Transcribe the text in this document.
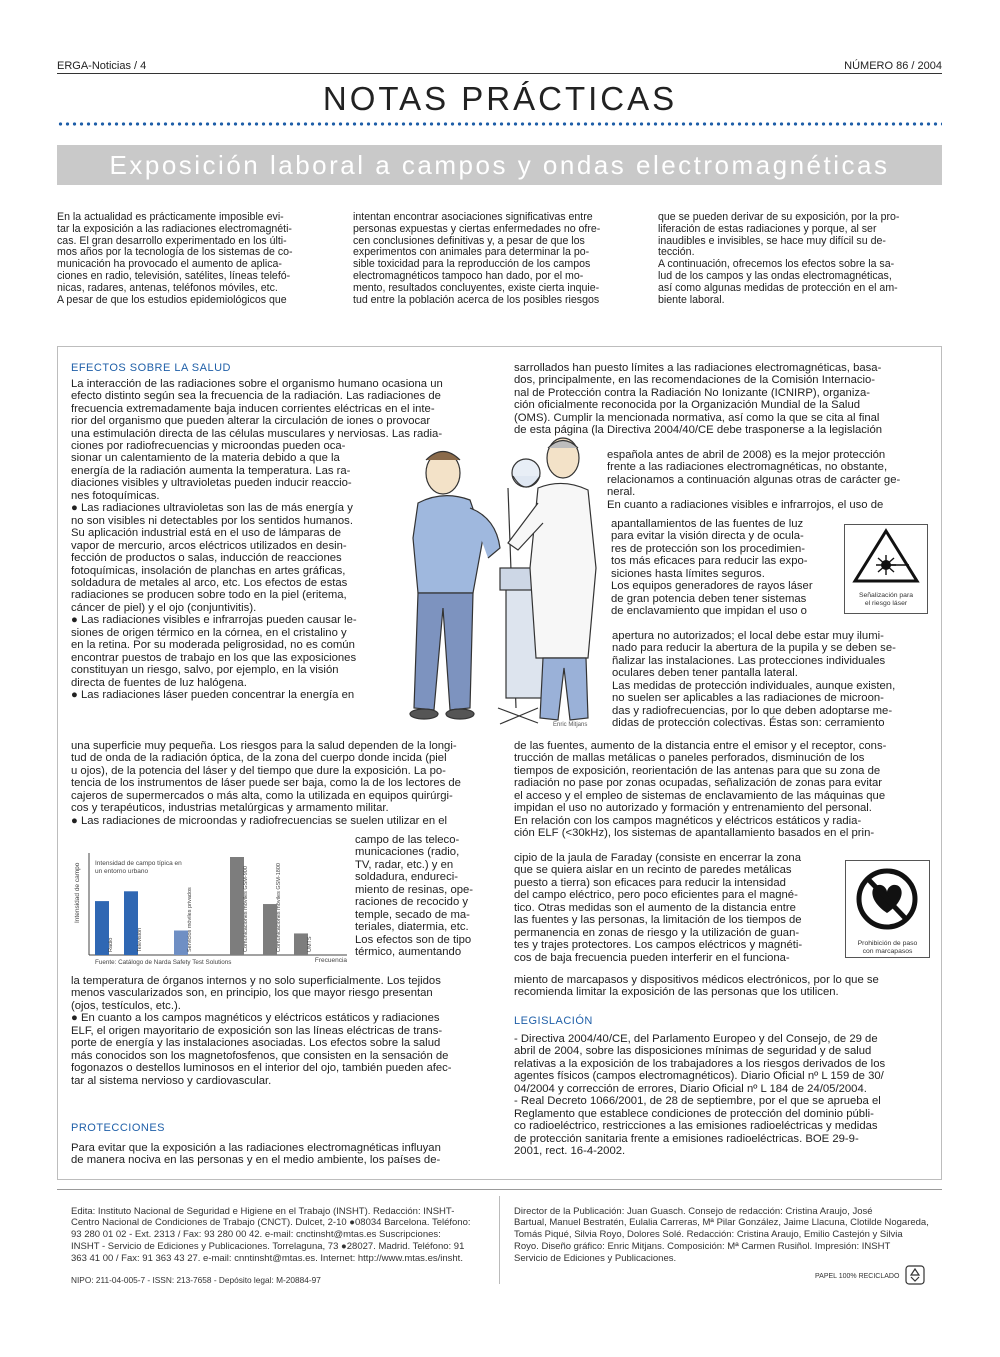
ERGA-Noticias / 4	NÚMERO 86 / 2004
NOTAS PRÁCTICAS
Exposición laboral a campos y ondas electromagnéticas

En la actualidad es prácticamente imposible evi-
tar la exposición a las radiaciones electromagnéti-
cas. El gran desarrollo experimentado en los últi-
mos años por la tecnología de los sistemas de co-
municación ha provocado el aumento de aplica-
ciones en radio, televisión, satélites, líneas telefó-
nicas, radares, antenas, teléfonos móviles, etc.
A pesar de que los estudios epidemiológicos que

intentan encontrar asociaciones significativas entre
personas expuestas y ciertas enfermedades no ofre-
cen conclusiones definitivas y, a pesar de que los
experimentos con animales para determinar la po-
sible toxicidad para la reproducción de los campos
electromagnéticos tampoco han dado, por el mo-
mento, resultados concluyentes, existe cierta inquie-
tud entre la población acerca de los posibles riesgos

que se pueden derivar de su exposición, por la pro-
liferación de estas radiaciones y porque, al ser
inaudibles e invisibles, se hace muy difícil su de-
tección.
A continuación, ofrecemos los efectos sobre la sa-
lud de los campos y las ondas electromagnéticas,
así como algunas medidas de protección en el am-
biente laboral.

EFECTOS SOBRE LA SALUD

La interacción de las radiaciones sobre el organismo humano ocasiona un
efecto distinto según sea la frecuencia de la radiación. Las radiaciones de
frecuencia extremadamente baja inducen corrientes eléctricas en el inte-
rior del organismo que pueden alterar la circulación de iones o provocar
una estimulación directa de las células musculares y nerviosas. Las radia-

ciones por radiofrecuencias y microondas pueden oca-
sionar un calentamiento de la materia debido a que la
energía de la radiación aumenta la temperatura. Las ra-
diaciones visibles y ultravioletas pueden inducir reaccio-
nes fotoquímicas.
● Las radiaciones ultravioletas son las de más energía y
no son visibles ni detectables por los sentidos humanos.
Su aplicación industrial está en el uso de lámparas de
vapor de mercurio, arcos eléctricos utilizados en desin-
fección de productos o salas, inducción de reacciones
fotoquímicas, insolación de planchas en artes gráficas,
soldadura de metales al arco, etc. Los efectos de estas
radiaciones se producen sobre todo en la piel (eritema,
cáncer de piel) y el ojo (conjuntivitis).
● Las radiaciones visibles e infrarrojas pueden causar le-
siones de origen térmico en la córnea, en el cristalino y
en la retina. Por su moderada peligrosidad, no es común
encontrar puestos de trabajo en los que las exposiciones
constituyan un riesgo, salvo, por ejemplo, en la visión
directa de fuentes de luz halógena.
● Las radiaciones láser pueden concentrar la energía en

una superficie muy pequeña. Los riesgos para la salud dependen de la longi-
tud de onda de la radiación óptica, de la zona del cuerpo donde incida (piel
u ojos), de la potencia del láser y del tiempo que dure la exposición. La po-
tencia de los instrumentos de láser puede ser baja, como la de los lectores de
cajeros de supermercados o más alta, como la utilizada en equipos quirúrgi-
cos y terapéuticos, industrias metalúrgicas y armamento militar.
● Las radiaciones de microondas y radiofrecuencias se suelen utilizar en el

Enric Mitjans

Intensidad de campo Intensidad de campo típica en un entorno urbano
Frecuencia
Fuente: Catálogo de Narda Safety Test Solutions
Radio	Televisión	Servicios móviles privados	Comunicaciones móviles GSM-900	Comunicaciones móviles GSM-1800	UMTS

campo de las teleco-
municaciones (radio,
TV, radar, etc.) y en
soldadura, endureci-
miento de resinas, ope-
raciones de recocido y
temple, secado de ma-
teriales, diatermia, etc.
Los efectos son de tipo
térmico, aumentando

la temperatura de órganos internos y no solo superficialmente. Los tejidos
menos vascularizados son, en principio, los que mayor riesgo presentan
(ojos, testículos, etc.).
● En cuanto a los campos magnéticos y eléctricos estáticos y radiaciones
ELF, el origen mayoritario de exposición son las líneas eléctricas de trans-
porte de energía y las instalaciones asociadas. Los efectos sobre la salud
más conocidos son los magnetofosfenos, que consisten en la sensación de
fogonazos o destellos luminosos en el interior del ojo, también pueden afec-
tar al sistema nervioso y cardiovascular.

PROTECCIONES

Para evitar que la exposición a las radiaciones electromagnéticas influyan
de manera nociva en las personas y en el medio ambiente, los países de-

sarrollados han puesto límites a las radiaciones electromagnéticas, basa-
dos, principalmente, en las recomendaciones de la Comisión Internacio-
nal de Protección contra la Radiación No Ionizante (ICNIRP), organiza-
ción oficialmente reconocida por la Organización Mundial de la Salud
(OMS). Cumplir la mencionada normativa, así como la que se cita al final
de esta página (la Directiva 2004/40/CE debe trasponerse a la legislación

española antes de abril de 2008) es la mejor protección
frente a las radiaciones electromagnéticas, no obstante,
relacionamos a continuación algunas otras de carácter ge-
neral.
En cuanto a radiaciones visibles e infrarrojos, el uso de

apantallamientos de las fuentes de luz
para evitar la visión directa y de ocula-
res de protección son los procedimien-
tos más eficaces para reducir las expo-
siciones hasta límites seguros.
Los equipos generadores de rayos láser
de gran potencia deben tener sistemas
de enclavamiento que impidan el uso o

apertura no autorizados; el local debe estar muy ilumi-
nado para reducir la abertura de la pupila y se deben se-
ñalizar las instalaciones. Las protecciones individuales
oculares deben tener pantalla lateral.
Las medidas de protección individuales, aunque existen,
no suelen ser aplicables a las radiaciones de microon-
das y radiofrecuencias, por lo que deben adoptarse me-
didas de protección colectivas. Éstas son: cerramiento

de las fuentes, aumento de la distancia entre el emisor y el receptor, cons-
trucción de mallas metálicas o paneles perforados, disminución de los
tiempos de exposición, reorientación de las antenas para que su zona de
radiación no pase por zonas ocupadas, señalización de zonas para evitar
el acceso y el empleo de sistemas de enclavamiento de las máquinas que
impidan el uso no autorizado y formación y entrenamiento del personal.
En relación con los campos magnéticos y eléctricos estáticos y radia-
ción ELF (<30kHz), los sistemas de apantallamiento basados en el prin-

cipio de la jaula de Faraday (consiste en encerrar la zona
que se quiera aislar en un recinto de paredes metálicas
puesto a tierra) son eficaces para reducir la intensidad
del campo eléctrico, pero poco eficientes para el magné-
tico. Otras medidas son el aumento de la distancia entre
las fuentes y las personas, la limitación de los tiempos de
permanencia en zonas de riesgo y la utilización de guan-
tes y trajes protectores. Los campos eléctricos y magnéti-
cos de baja frecuencia pueden interferir en el funciona-

miento de marcapasos y dispositivos médicos electrónicos, por lo que se
recomienda limitar la exposición de las personas que los utilicen.

Señalización para
el riesgo láser
Prohibición de paso
con marcapasos
LEGISLACIÓN

- Directiva 2004/40/CE, del Parlamento Europeo y del Consejo, de 29 de
abril de 2004, sobre las disposiciones mínimas de seguridad y de salud
relativas a la exposición de los trabajadores a los riesgos derivados de los
agentes físicos (campos electromagnéticos). Diario Oficial nº L 159 de 30/
04/2004 y corrección de errores, Diario Oficial nº L 184 de 24/05/2004.
- Real Decreto 1066/2001, de 28 de septiembre, por el que se aprueba el
Reglamento que establece condiciones de protección del dominio públi-
co radioeléctrico, restricciones a las emisiones radioeléctricas y medidas
de protección sanitaria frente a emisiones radioeléctricas. BOE 29-9-
2001, rect. 16-4-2002.

Edita: Instituto Nacional de Seguridad e Higiene en el Trabajo (INSHT). Redacción: INSHT-
Centro Nacional de Condiciones de Trabajo (CNCT). Dulcet, 2-10 ●08034 Barcelona. Teléfono:
93 280 01 02 - Ext. 2313 / Fax: 93 280 00 42. e-mail: cnctinsht@mtas.es Suscripciones:
INSHT - Servicio de Ediciones y Publicaciones. Torrelaguna, 73 ●28027. Madrid. Teléfono: 91
363 41 00 / Fax: 91 363 43 27. e-mail: cnntinsht@mtas.es. Internet: http://www.mtas.es/insht.

Director de la Publicación: Juan Guasch. Consejo de redacción: Cristina Araujo, José
Bartual, Manuel Bestratén, Eulalia Carreras, Mª Pilar González, Jaime Llacuna, Clotilde Nogareda,
Tomás Piqué, Silvia Royo, Dolores Solé. Redacción: Cristina Araujo, Emilio Castejón y Silvia
Royo. Diseño gráfico: Enric Mitjans. Composición: Mª Carmen Rusiñol. Impresión: INSHT
Servicio de Ediciones y Publicaciones.

NIPO: 211-04-005-7 - ISSN: 213-7658 - Depósito legal: M-20884-97	PAPEL 100% RECICLADO
